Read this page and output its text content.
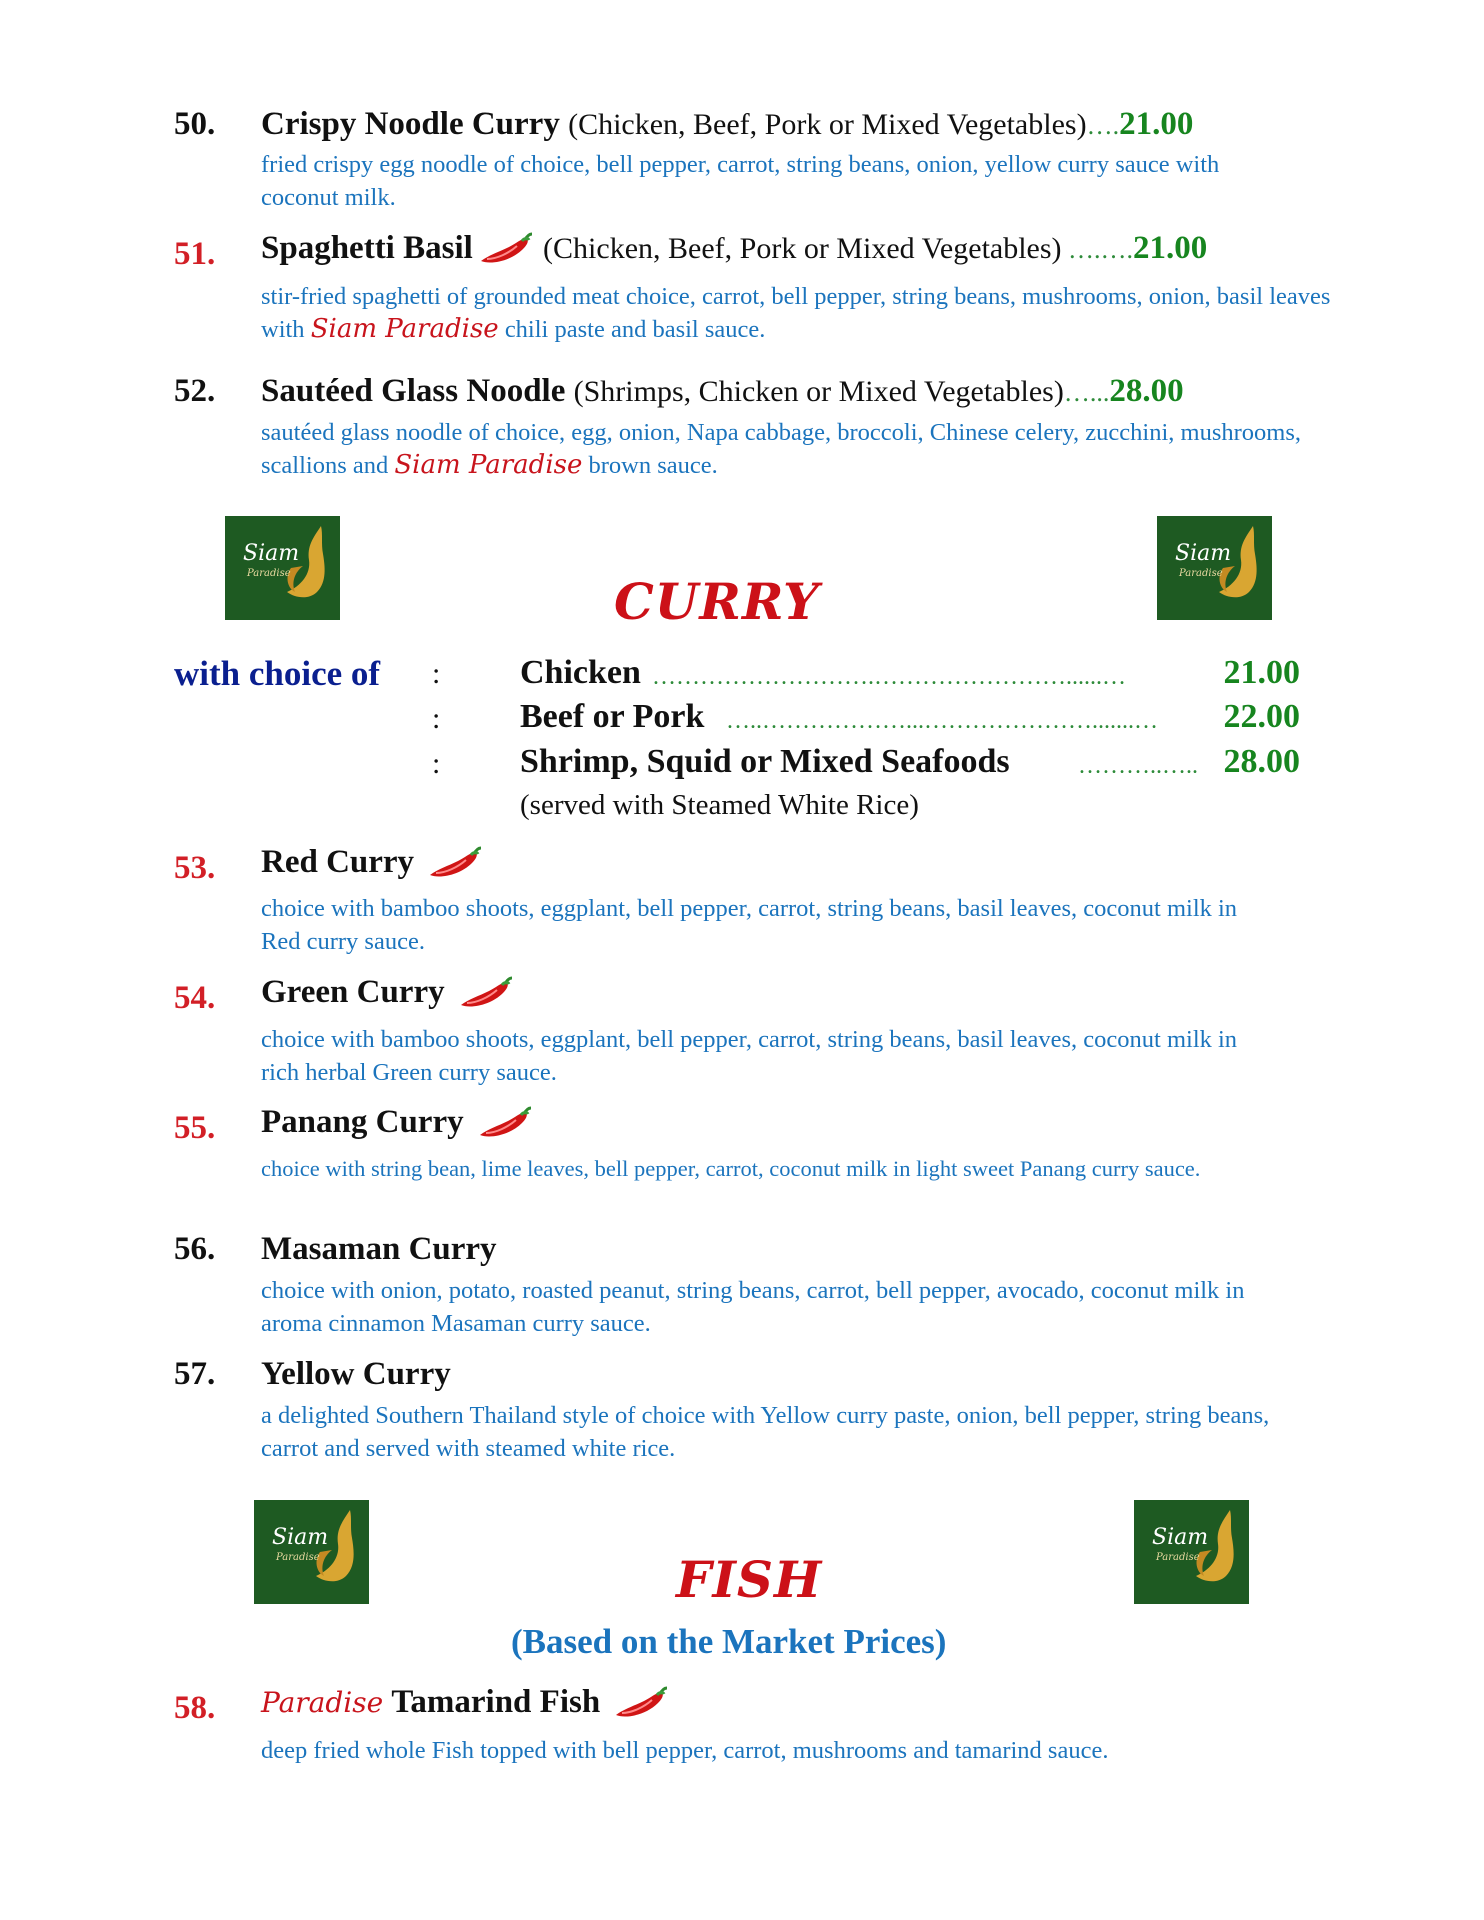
50. Crispy Noodle Curry (Chicken, Beef, Pork or Mixed Vegetables)….21.00
fried crispy egg noodle of choice, bell pepper, carrot, string beans, onion, yellow curry sauce with coconut milk.
51. Spaghetti Basil (Chicken, Beef, Pork or Mixed Vegetables) ….….21.00
stir-fried spaghetti of grounded meat choice, carrot, bell pepper, string beans, mushrooms, onion, basil leaves with Siam Paradise chili paste and basil sauce.
52. Sautéed Glass Noodle (Shrimps, Chicken or Mixed Vegetables)…...28.00
sautéed glass noodle of choice, egg, onion, Napa cabbage, broccoli, Chinese celery, zucchini, mushrooms, scallions and Siam Paradise brown sauce.
Siam
Paradise
Siam
Paradise
CURRY
with choice of : Chicken ……………………….……………………......…	21.00
: Beef or Pork …..………………...………………….......…	22.00
: Shrimp, Squid or Mixed Seafoods	………..….. 28.00
(served with Steamed White Rice)
53. Red Curry
choice with bamboo shoots, eggplant, bell pepper, carrot, string beans, basil leaves, coconut milk in Red curry sauce.
54. Green Curry
choice with bamboo shoots, eggplant, bell pepper, carrot, string beans, basil leaves, coconut milk in rich herbal Green curry sauce.
55. Panang Curry
choice with string bean, lime leaves, bell pepper, carrot, coconut milk in light sweet Panang curry sauce.
56. Masaman Curry
choice with onion, potato, roasted peanut, string beans, carrot, bell pepper, avocado, coconut milk in aroma cinnamon Masaman curry sauce.
57. Yellow Curry
a delighted Southern Thailand style of choice with Yellow curry paste, onion, bell pepper, string beans, carrot and served with steamed white rice.
Siam
Paradise
Siam
Paradise
FISH
(Based on the Market Prices)
58. Paradise Tamarind Fish
deep fried whole Fish topped with bell pepper, carrot, mushrooms and tamarind sauce.
